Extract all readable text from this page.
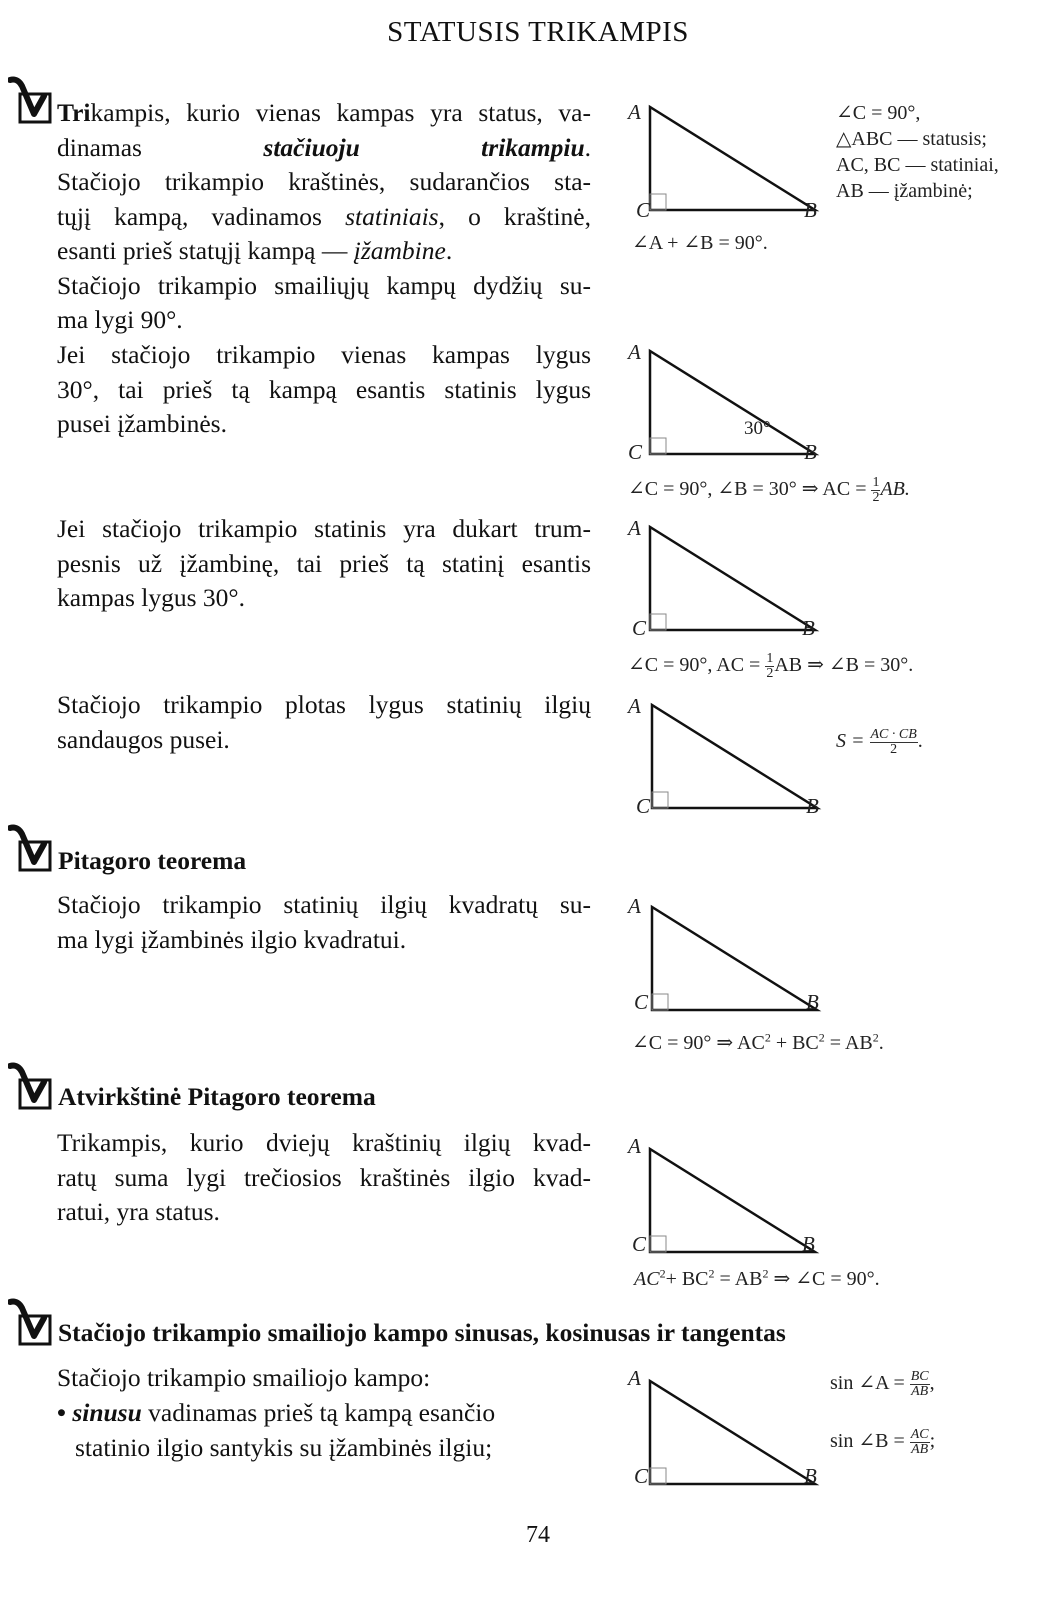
STATUSIS TRIKAMPIS
Trikampis, kurio vienas kampas yra status, va-
dinamas stačiuoju trikampiu.
Stačiojo trikampio kraštinės, sudarančios sta-
tųjį kampą, vadinamos statiniais, o kraštinė,
esanti prieš statųjį kampą — įžambine.
Stačiojo trikampio smailiųjų kampų dydžių su-
ma lygi 90°.
Jei stačiojo trikampio vienas kampas lygus
30°, tai prieš tą kampą esantis statinis lygus
pusei įžambinės.
Jei stačiojo trikampio statinis yra dukart trum-
pesnis už įžambinę, tai prieš tą statinį esantis
kampas lygus 30°.
Stačiojo trikampio plotas lygus statinių ilgių
sandaugos pusei.
A
C	B
∠C = 90°,
△ABC — statusis;
AC, BC — statiniai,
AB — įžambinė;
∠A + ∠B = 90°.
A
C	B
30°
∠C = 90°, ∠B = 30° ⇒ AC = $\frac{1}{2}$ AB.
A
C	B
∠C = 90°, AC = $\frac{1}{2}$ AB ⇒ ∠B = 30°.
A
C	B
$S = \frac{AC \cdot CB}{2}$ .
Pitagoro teorema
Stačiojo trikampio statinių ilgių kvadratų su-
ma lygi įžambinės ilgio kvadratui.
A
C	B
∠C = 90° ⇒ $AC^2 + BC^2 = AB^2$.
Atvirkštinė Pitagoro teorema
Trikampis, kurio dviejų kraštinių ilgių kvad-
ratų suma lygi trečiosios kraštinės ilgio kvad-
ratui, yra status.
A
C	B
$AC^2+ BC^2 = AB^2$ ⇒ ∠C = 90°.
Stačiojo trikampio smailiojo kampo sinusas, kosinusas ir tangentas
Stačiojo trikampio smailiojo kampo:
• sinusu vadinamas prieš tą kampą esančio
statinio ilgio santykis su įžambinės ilgiu;
A
C	B
sin ∠A = $\frac{BC}{AB}$ ,
sin ∠B = $\frac{AC}{AB}$ ;
74
